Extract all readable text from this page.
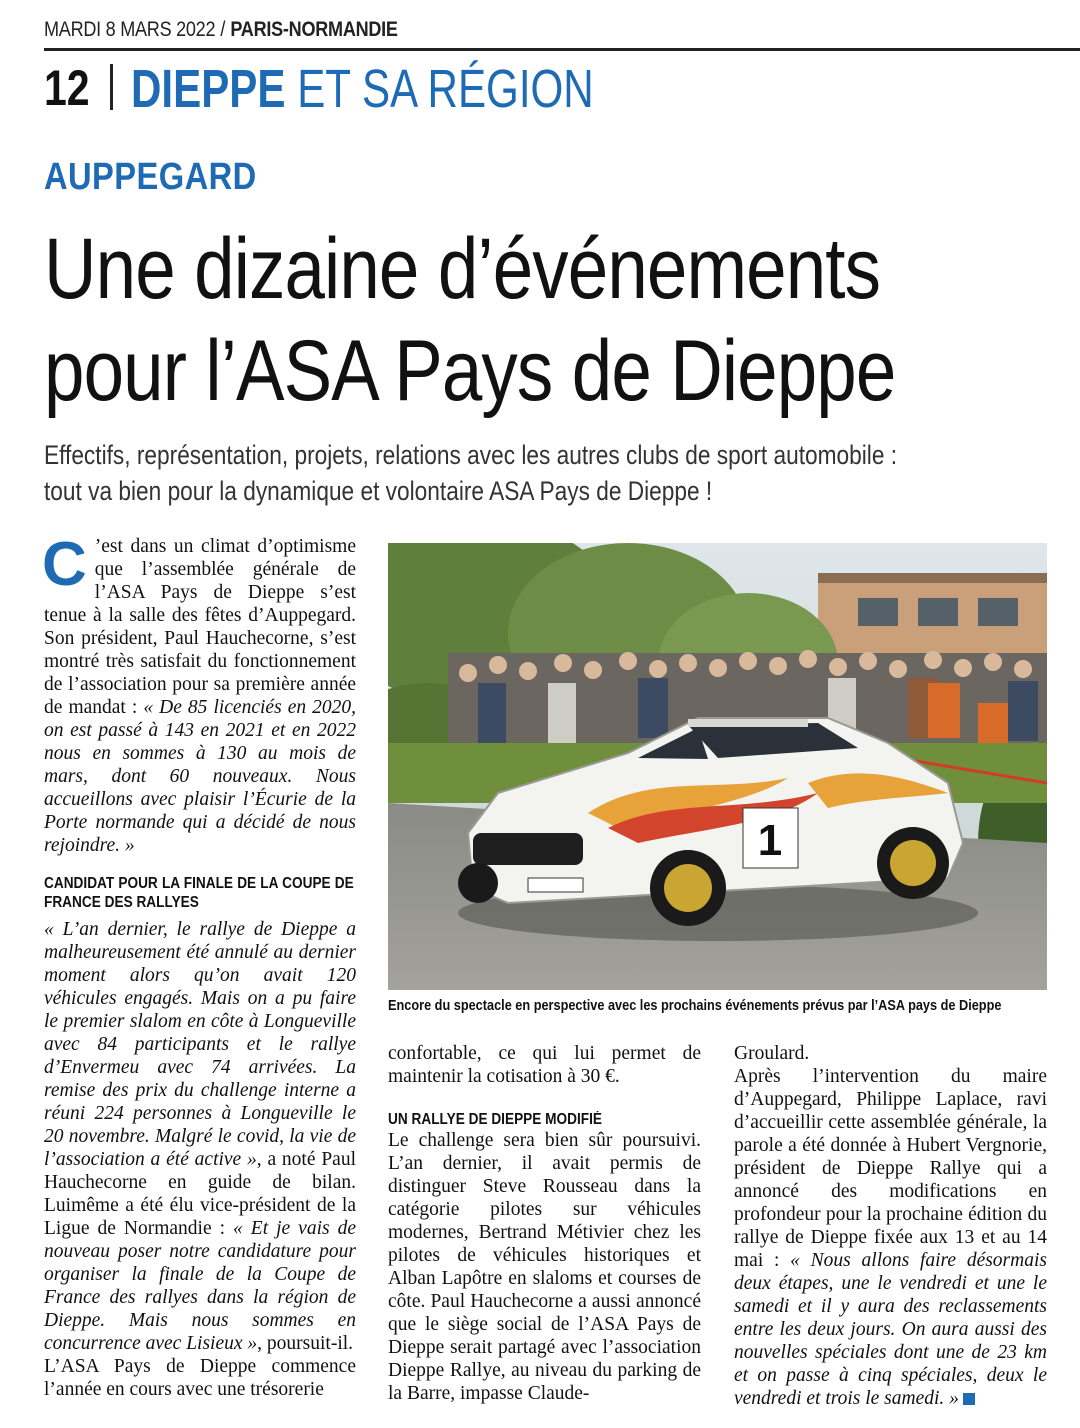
MARDI 8 MARS 2022 / PARIS-NORMANDIE
12 DIEPPE ET SA RÉGION
AUPPEGARD
Une dizaine d’événements
pour l’ASA Pays de Dieppe
Effectifs, représentation, projets, relations avec les autres clubs de sport automobile :
tout va bien pour la dynamique et volontaire ASA Pays de Dieppe !

C ’est dans un climat d’optimisme que l’assemblée générale de l’ASA Pays de Dieppe s’est tenue à la salle des fêtes d’Auppegard. Son président, Paul Hauchecorne, s’est montré très satisfait du fonctionnement de l’association pour sa première année de mandat : « De 85 licenciés en 2020, on est passé à 143 en 2021 et en 2022 nous en sommes à 130 au mois de mars, dont 60 nouveaux. Nous accueillons avec plaisir l’Écurie de la Porte normande qui a décidé de nous rejoindre. »

CANDIDAT POUR LA FINALE DE LA COUPE DE FRANCE DES RALLYES

« L’an dernier, le rallye de Dieppe a malheureusement été annulé au dernier moment alors qu’on avait 120 véhicules engagés. Mais on a pu faire le premier slalom en côte à Longueville avec 84 participants et le rallye d’Envermeu avec 74 arrivées. La remise des prix du challenge interne a réuni 224 personnes à Longueville le 20 novembre. Malgré le covid, la vie de l’association a été active », a noté Paul Hauchecorne en guide de bilan. Luimême a été élu vice-président de la Ligue de Normandie : « Et je vais de nouveau poser notre candidature pour organiser la finale de la Coupe de France des rallyes dans la région de Dieppe. Mais nous sommes en concurrence avec Lisieux », poursuit-il.

L’ASA Pays de Dieppe commence l’année en cours avec une trésorerie

1
Encore du spectacle en perspective avec les prochains événements prévus par l’ASA pays de Dieppe

confortable, ce qui lui permet de maintenir la cotisation à 30 €.

UN RALLYE DE DIEPPE MODIFIÉ

Le challenge sera bien sûr poursuivi. L’an dernier, il avait permis de distinguer Steve Rousseau dans la catégorie pilotes sur véhicules modernes, Bertrand Métivier chez les pilotes de véhicules historiques et Alban Lapôtre en slaloms et courses de côte. Paul Hauchecorne a aussi annoncé que le siège social de l’ASA Pays de Dieppe serait partagé avec l’association Dieppe Rallye, au niveau du parking de la Barre, impasse Claude-

Groulard.

Après l’intervention du maire d’Auppegard, Philippe Laplace, ravi d’accueillir cette assemblée générale, la parole a été donnée à Hubert Vergnorie, président de Dieppe Rallye qui a annoncé des modifications en profondeur pour la prochaine édition du rallye de Dieppe fixée aux 13 et au 14 mai : « Nous allons faire désormais deux étapes, une le vendredi et une le samedi et il y aura des reclassements entre les deux jours. On aura aussi des nouvelles spéciales dont une de 23 km et on passe à cinq spéciales, deux le vendredi et trois le samedi. »
